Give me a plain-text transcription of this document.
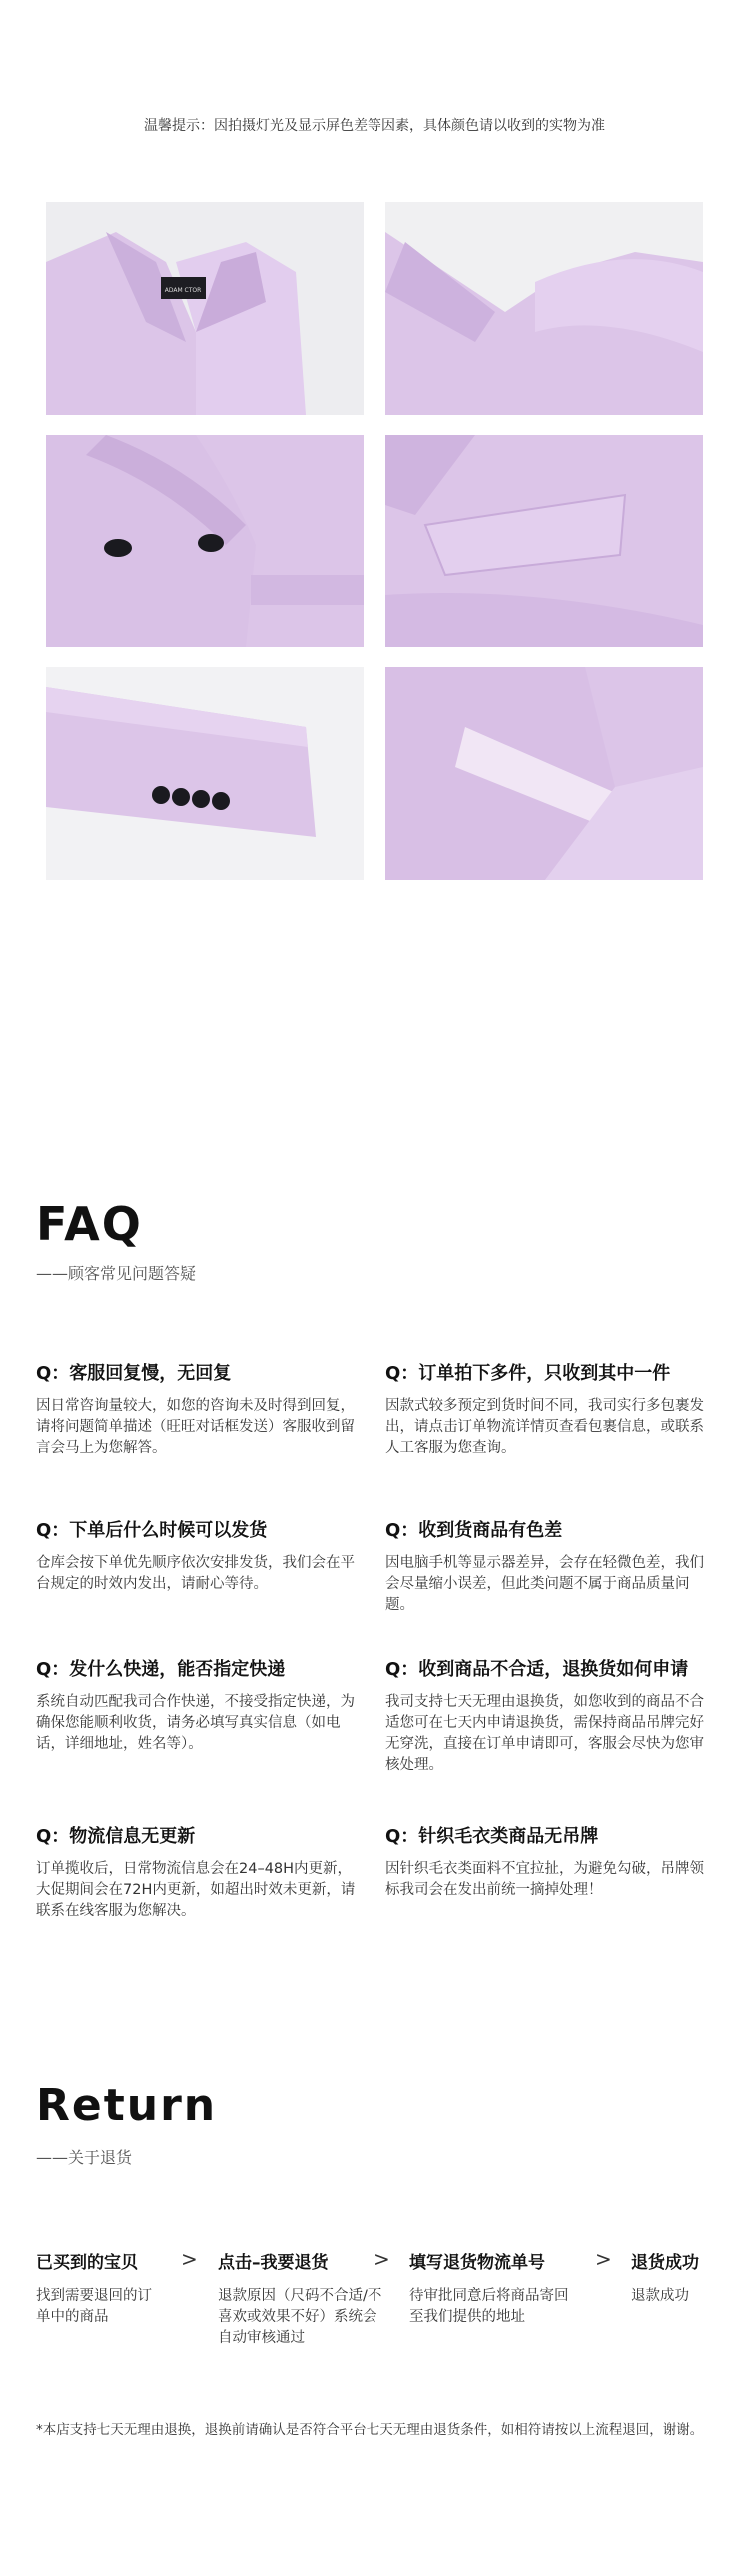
温馨提示：因拍摄灯光及显示屏色差等因素，具体颜色请以收到的实物为准
ADAM CTOR
FAQ
——顾客常见问题答疑
Q：客服回复慢，无回复
因日常咨询量较大，如您的咨询未及时得到回复，请将问题简单描述（旺旺对话框发送）客服收到留言会马上为您解答。
Q：订单拍下多件，只收到其中一件
因款式较多预定到货时间不同，我司实行多包裹发出，请点击订单物流详情页查看包裹信息，或联系人工客服为您查询。
Q：下单后什么时候可以发货
仓库会按下单优先顺序依次安排发货，我们会在平台规定的时效内发出，请耐心等待。
Q：收到货商品有色差
因电脑手机等显示器差异，会存在轻微色差，我们会尽量缩小误差，但此类问题不属于商品质量问题。
Q：发什么快递，能否指定快递
系统自动匹配我司合作快递，不接受指定快递，为确保您能顺利收货，请务必填写真实信息（如电话，详细地址，姓名等）。
Q：收到商品不合适，退换货如何申请
我司支持七天无理由退换货，如您收到的商品不合适您可在七天内申请退换货，需保持商品吊牌完好无穿洗，直接在订单申请即可，客服会尽快为您审核处理。
Q：物流信息无更新
订单揽收后，日常物流信息会在24–48H内更新，大促期间会在72H内更新，如超出时效未更新，请联系在线客服为您解决。
Q：针织毛衣类商品无吊牌
因针织毛衣类面料不宜拉扯，为避免勾破，吊牌领标我司会在发出前统一摘掉处理！
Return
——关于退货
已买到的宝贝
找到需要退回的订单中的商品
> 点击–我要退货
退款原因（尺码不合适/不喜欢或效果不好）系统会自动审核通过
> 填写退货物流单号
待审批同意后将商品寄回至我们提供的地址
> 退货成功
退款成功
*本店支持七天无理由退换，退换前请确认是否符合平台七天无理由退货条件，如相符请按以上流程退回，谢谢。
